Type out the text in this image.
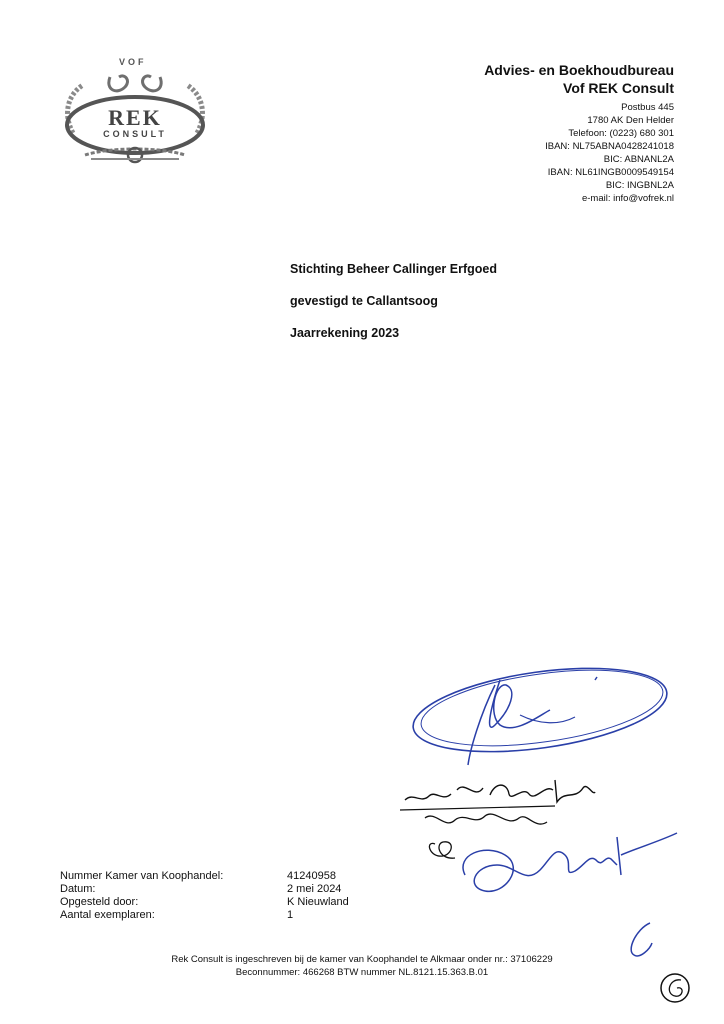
VOF
REK
CONSULT
Advies- en Boekhoudbureau
Vof REK Consult
Postbus 445
1780 AK Den Helder
Telefoon: (0223) 680 301
IBAN: NL75ABNA0428241018
BIC: ABNANL2A
IBAN: NL61INGB0009549154
BIC: INGBNL2A
e-mail: info@vofrek.nl
Stichting Beheer Callinger Erfgoed
gevestigd te Callantsoog
Jaarrekening 2023
Nummer Kamer van Koophandel:	41240958
Datum:	2 mei 2024
Opgesteld door:	K Nieuwland
Aantal exemplaren:	1
Rek Consult is ingeschreven bij de kamer van Koophandel te Alkmaar onder nr.: 37106229
Beconnummer: 466268 BTW nummer NL.8121.15.363.B.01
